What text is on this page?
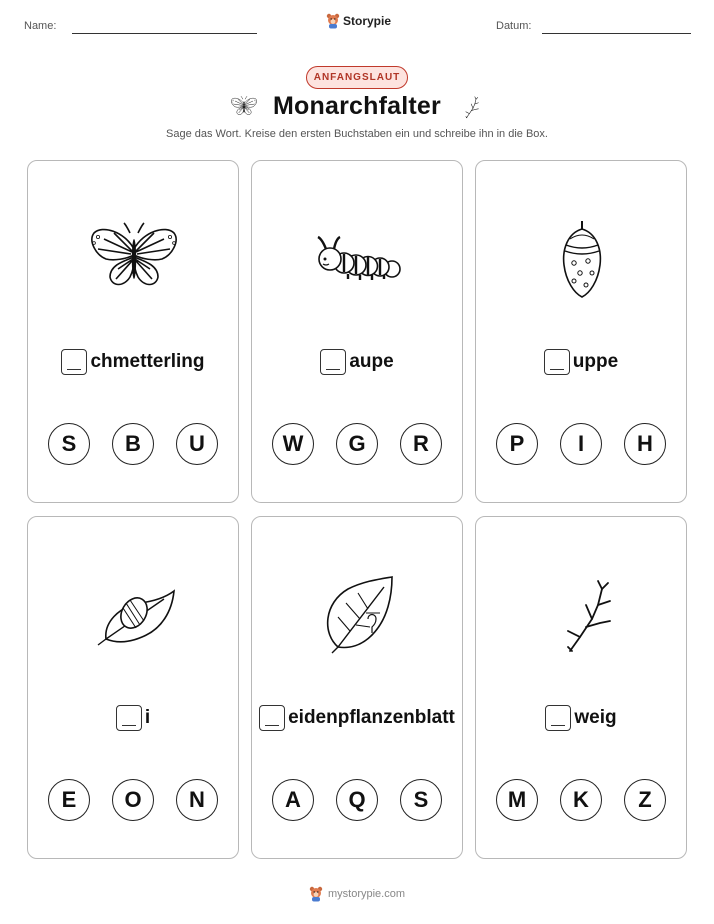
Name:	Storypie	Datum:
ANFANGSLAUT
Monarchfalter
Sage das Wort. Kreise den ersten Buchstaben ein und schreibe ihn in die Box.
chmetterling
S	B	U
aupe
W	G	R
uppe
P	I	H
i
E	O	N
eidenpflanzenblatt
A	Q	S
weig
M	K	Z
mystorypie.com
